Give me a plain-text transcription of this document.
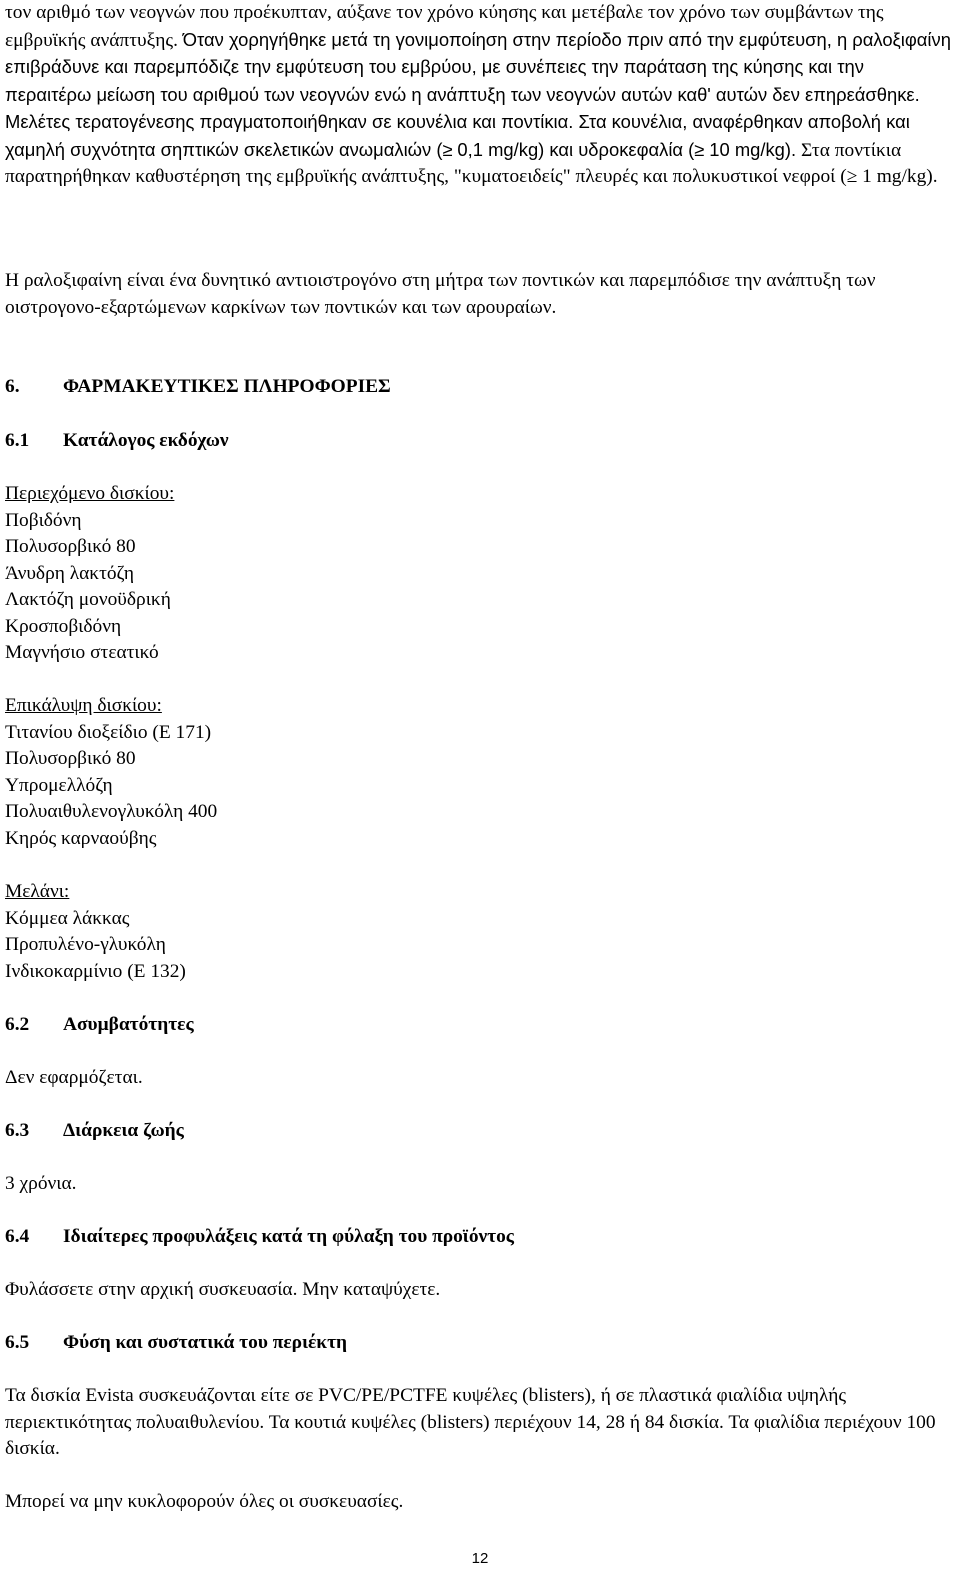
τον αριθμό των νεογνών που προέκυπταν, αύξανε τον χρόνο κύησης και μετέβαλε τον χρόνο των συμβάντων της εμβρυϊκής ανάπτυξης. Όταν χορηγήθηκε μετά τη γονιμοποίηση στην περίοδο πριν από την εμφύτευση, η ραλοξιφαίνη επιβράδυνε και παρεμπόδιζε την εμφύτευση του εμβρύου, με συνέπειες την παράταση της κύησης και την περαιτέρω μείωση του αριθμού των νεογνών ενώ η ανάπτυξη των νεογνών αυτών καθ' αυτών δεν επηρεάσθηκε. Μελέτες τερατογένεσης πραγματοποιήθηκαν σε κουνέλια και ποντίκια. Στα κουνέλια, αναφέρθηκαν αποβολή και χαμηλή συχνότητα σηπτικών σκελετικών ανωμαλιών (≥ 0,1 mg/kg) και υδροκεφαλία (≥ 10 mg/kg). Στα ποντίκια παρατηρήθηκαν καθυστέρηση της εμβρυϊκής ανάπτυξης, "κυματοειδείς" πλευρές και πολυκυστικοί νεφροί (≥ 1 mg/kg).

Η ραλοξιφαίνη είναι ένα δυνητικό αντιοιστρογόνο στη μήτρα των ποντικών και παρεμπόδισε την ανάπτυξη των οιστρογονο-εξαρτώμενων καρκίνων των ποντικών και των αρουραίων.

6.	ΦΑΡΜΑΚΕΥΤΙΚΕΣ ΠΛΗΡΟΦΟΡΙΕΣ
6.1	Κατάλογος εκδόχων

Περιεχόμενο δισκίου:

Ποβιδόνη
Πολυσορβικό 80
Άνυδρη λακτόζη
Λακτόζη μονοϋδρική
Κροσποβιδόνη
Μαγνήσιο στεατικό

Επικάλυψη δισκίου:

Τιτανίου διοξείδιο (E 171)
Πολυσορβικό 80
Υπρομελλόζη
Πολυαιθυλενογλυκόλη 400
Κηρός καρναούβης

Μελάνι:

Κόμμεα λάκκας
Προπυλένο-γλυκόλη
Ινδικοκαρμίνιο (E 132)
6.2	Ασυμβατότητες

Δεν εφαρμόζεται.

6.3	Διάρκεια ζωής

3 χρόνια.

6.4	Ιδιαίτερες προφυλάξεις κατά τη φύλαξη του προϊόντος

Φυλάσσετε στην αρχική συσκευασία. Μην καταψύχετε.

6.5	Φύση και συστατικά του περιέκτη

Τα δισκία Evista συσκευάζονται είτε σε PVC/PE/PCTFE κυψέλες (blisters), ή σε πλαστικά φιαλίδια υψηλής περιεκτικότητας πολυαιθυλενίου. Τα κουτιά κυψέλες (blisters) περιέχουν 14, 28 ή 84 δισκία. Τα φιαλίδια περιέχουν 100 δισκία.

Μπορεί να μην κυκλοφορούν όλες οι συσκευασίες.

12
